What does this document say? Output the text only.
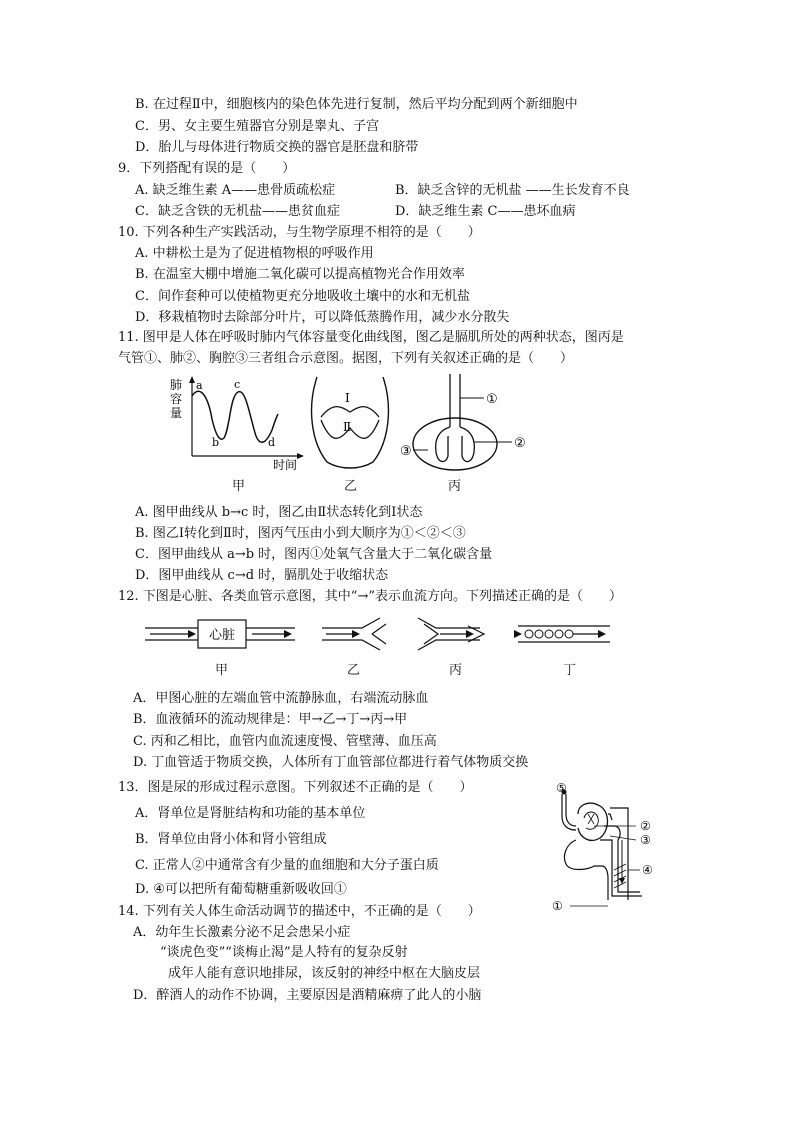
B. 在过程Ⅱ中，细胞核内的染色体先进行复制，然后平均分配到两个新细胞中
C．男、女主要生殖器官分别是睾丸、子宫
D．胎儿与母体进行物质交换的器官是胚盘和脐带
9．下列搭配有误的是（　　）
A. 缺乏维生素 A——患骨质疏松症	B．缺乏含锌的无机盐 ——生长发育不良
C．缺乏含铁的无机盐——患贫血症	D．缺乏维生素 C——患坏血病
10. 下列各种生产实践活动，与生物学原理不相符的是（　　）
A. 中耕松土是为了促进植物根的呼吸作用
B. 在温室大棚中增施二氧化碳可以提高植物光合作用效率
C．间作套种可以使植物更充分地吸收土壤中的水和无机盐
D．移栽植物时去除部分叶片，可以降低蒸腾作用，减少水分散失
11. 图甲是人体在呼吸时肺内气体容量变化曲线图，图乙是膈肌所处的两种状态，图丙是
气管①、肺②、胸腔③三者组合示意图。据图，下列有关叙述正确的是（　　）
肺
容
量
a
b
c
d
时间
甲
Ⅰ
Ⅱ
乙
①
②
③
丙
A. 图甲曲线从 b→c 时，图乙由Ⅱ状态转化到Ⅰ状态
B. 图乙Ⅰ转化到Ⅱ时，图丙气压由小到大顺序为①＜②＜③
C．图甲曲线从 a→b 时，图丙①处氧气含量大于二氧化碳含量
D．图甲曲线从 c→d 时，膈肌处于收缩状态
12. 下图是心脏、各类血管示意图，其中“→”表示血流方向。下列描述正确的是（　　）
心脏
甲	乙	丙	丁
A．甲图心脏的左端血管中流静脉血，右端流动脉血
B．血液循环的流动规律是：甲→乙→丁→丙→甲
C. 丙和乙相比，血管内血流速度慢、管壁薄、血压高
D. 丁血管适于物质交换，人体所有丁血管部位都进行着气体物质交换
13．图是尿的形成过程示意图。下列叙述不正确的是（　　）
A．肾单位是肾脏结构和功能的基本单位
B．肾单位由肾小体和肾小管组成
C. 正常人②中通常含有少量的血细胞和大分子蛋白质
D. ④可以把所有葡萄糖重新吸收回①
⑤
②
③
④
①
14. 下列有关人体生命活动调节的描述中，不正确的是（　　）
A．幼年生长激素分泌不足会患呆小症
“谈虎色变”“谈梅止渴”是人特有的复杂反射
成年人能有意识地排尿，该反射的神经中枢在大脑皮层
D．醉酒人的动作不协调，主要原因是酒精麻痹了此人的小脑
